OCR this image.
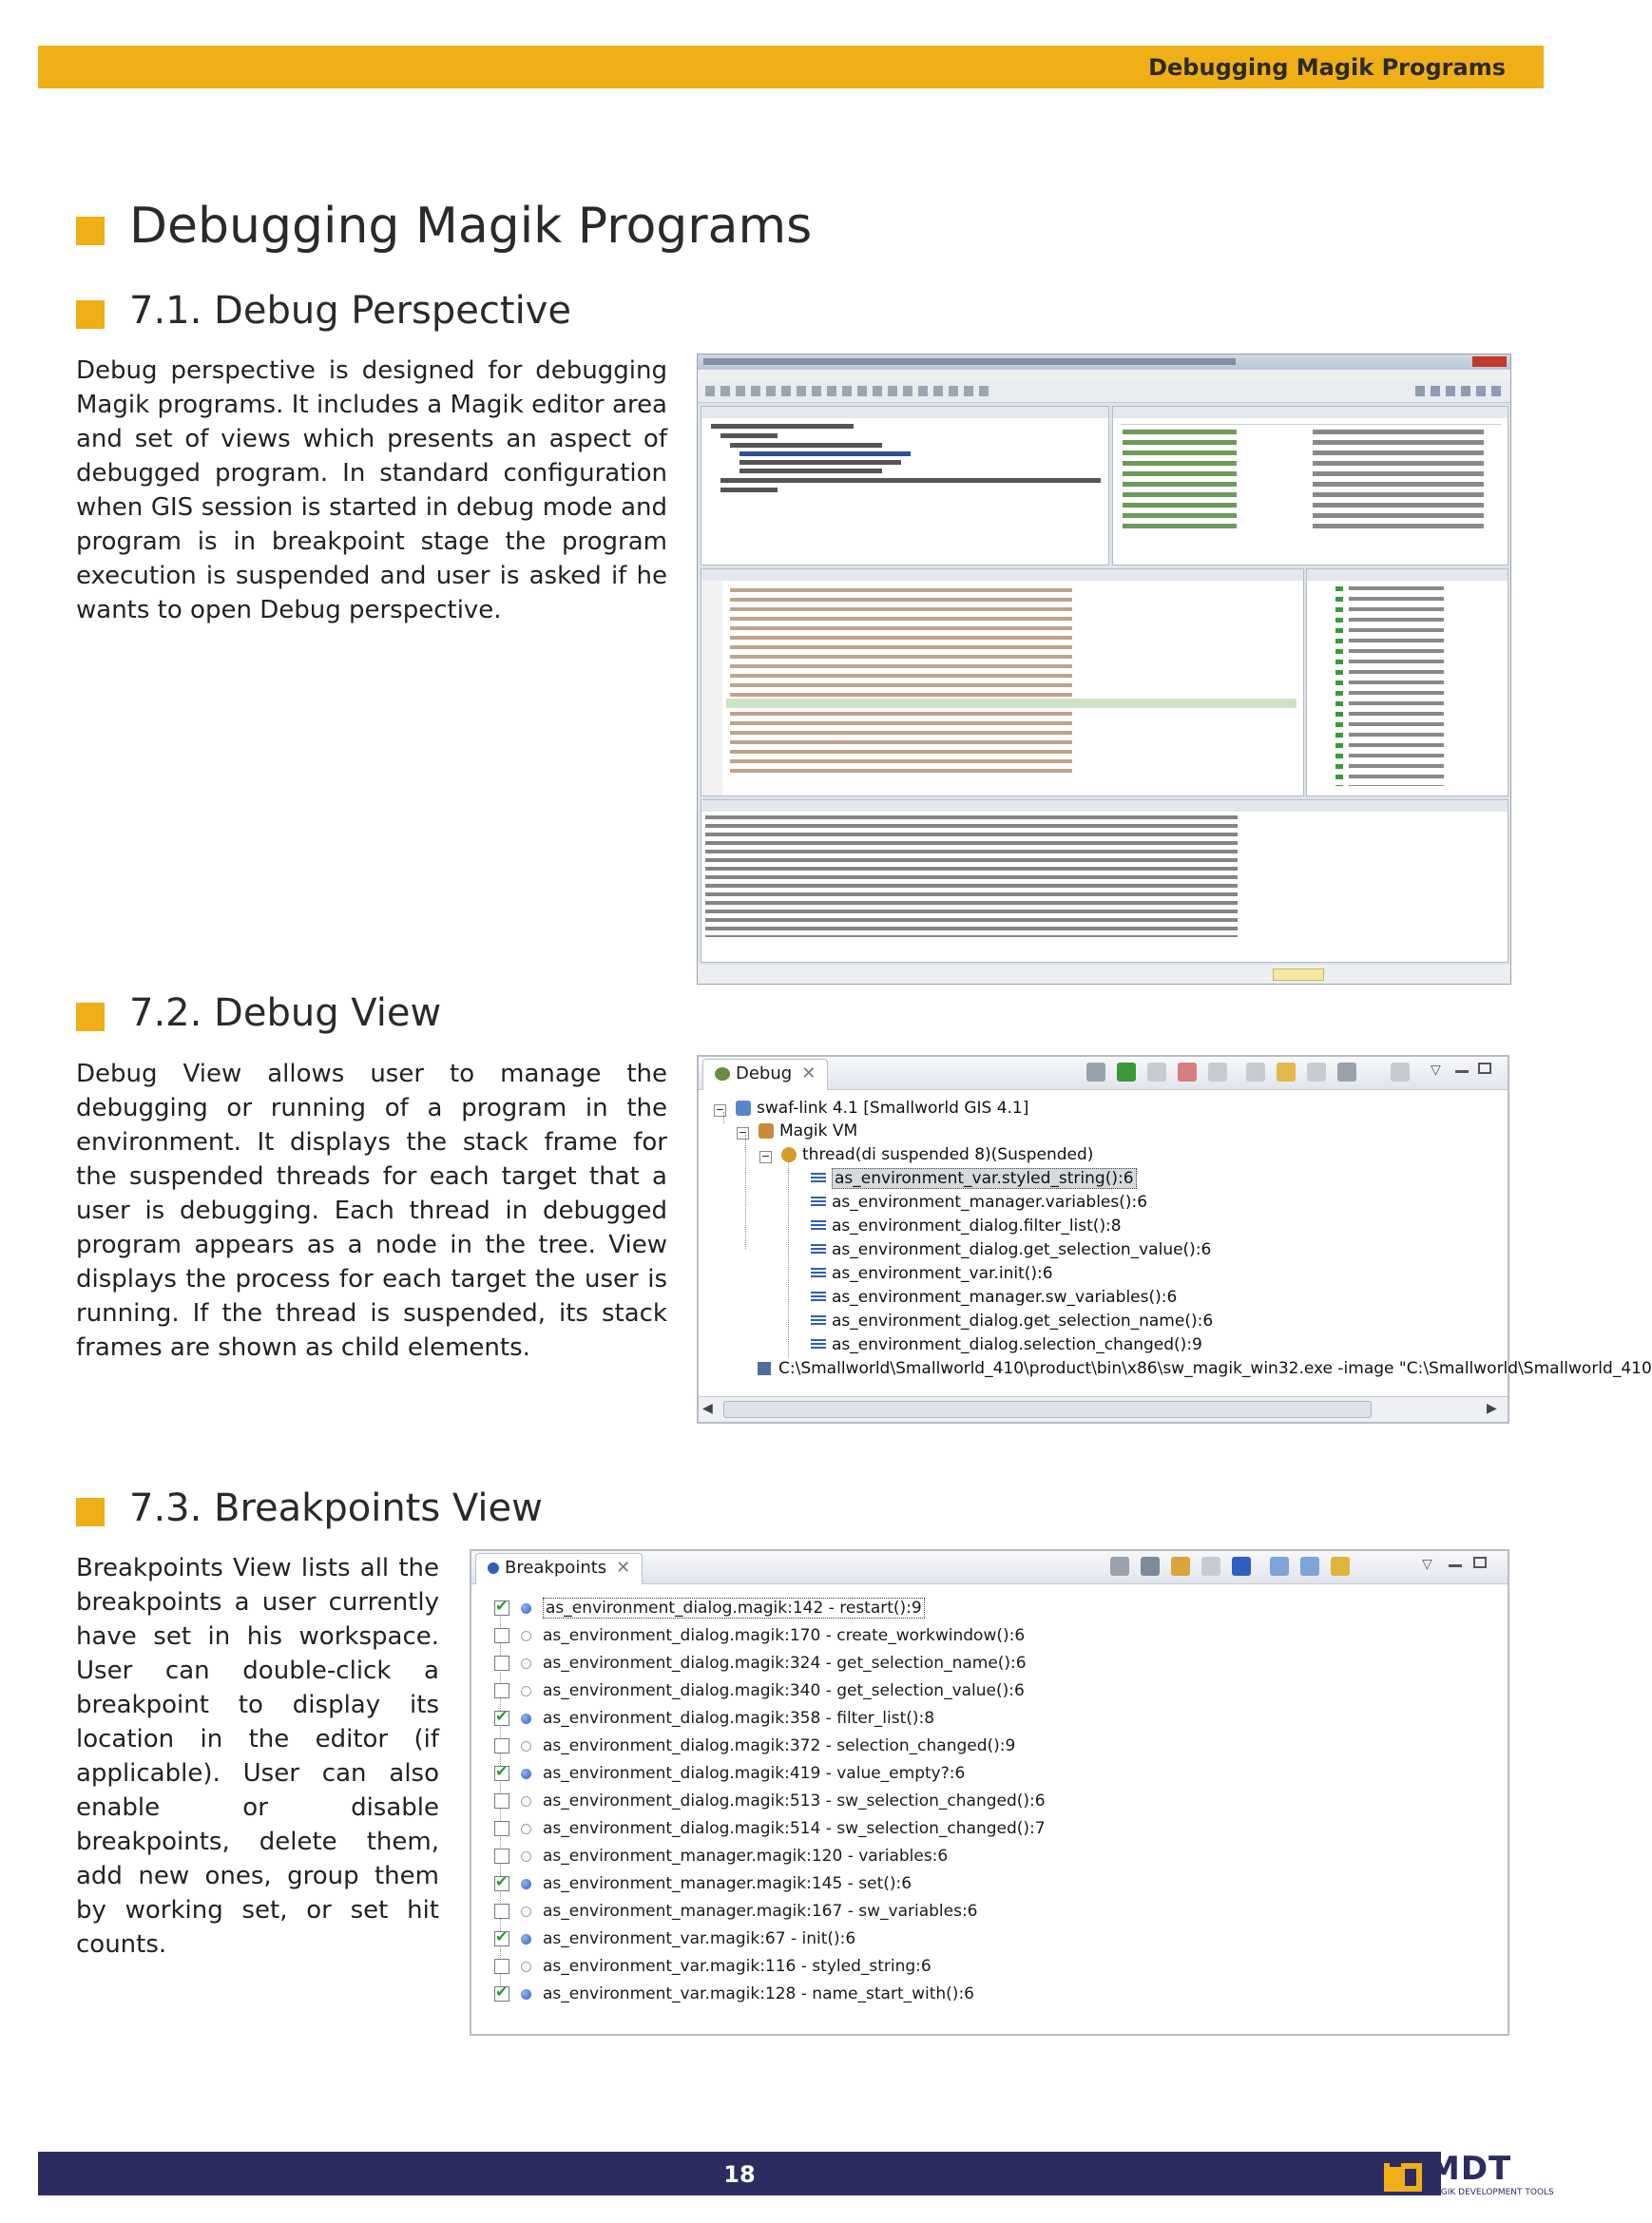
Debugging Magik Programs
Debugging Magik Programs
7.1. Debug Perspective
Debug perspective is designed for debugging Magik programs. It includes a Magik editor area and set of views which presents an aspect of debugged program. In standard configuration when GIS session is started in debug mode and program is in breakpoint stage the program execution is suspended and user is asked if he wants to open Debug perspective.
7.2. Debug View
Debug View allows user to manage the debugging or running of a program in the environment. It displays the stack frame for the suspended threads for each target that a user is debugging. Each thread in debugged program appears as a node in the tree. View displays the process for each target the user is running. If the thread is suspended, its stack frames are shown as child elements.
Debug ✕	▽
− swaf-link 4.1 [Smallworld GIS 4.1]
− Magik VM
− thread(di suspended 8)(Suspended)
as_environment_var.styled_string():6
as_environment_manager.variables():6
as_environment_dialog.filter_list():8
as_environment_dialog.get_selection_value():6
as_environment_var.init():6
as_environment_manager.sw_variables():6
as_environment_dialog.get_selection_name():6
as_environment_dialog.selection_changed():9
C:\Smallworld\Smallworld_410\product\bin\x86\sw_magik_win32.exe -image "C:\Smallworld\Smallworld_410
◀	▶
7.3. Breakpoints View
Breakpoints View lists all the breakpoints a user currently have set in his workspace. User can double-click a breakpoint to display its location in the editor (if applicable). User can also enable or disable breakpoints, delete them, add new ones, group them by working set, or set hit counts.
Breakpoints ✕	▽
✔
as_environment_dialog.magik:142 - restart():9
as_environment_dialog.magik:170 - create_workwindow():6
as_environment_dialog.magik:324 - get_selection_name():6
as_environment_dialog.magik:340 - get_selection_value():6
✔
as_environment_dialog.magik:358 - filter_list():8
as_environment_dialog.magik:372 - selection_changed():9
✔
as_environment_dialog.magik:419 - value_empty?:6
as_environment_dialog.magik:513 - sw_selection_changed():6
as_environment_dialog.magik:514 - sw_selection_changed():7
as_environment_manager.magik:120 - variables:6
✔
as_environment_manager.magik:145 - set():6
as_environment_manager.magik:167 - sw_variables:6
✔
as_environment_var.magik:67 - init():6
as_environment_var.magik:116 - styled_string:6
✔
as_environment_var.magik:128 - name_start_with():6
18	MDT
MAGIK DEVELOPMENT TOOLS
